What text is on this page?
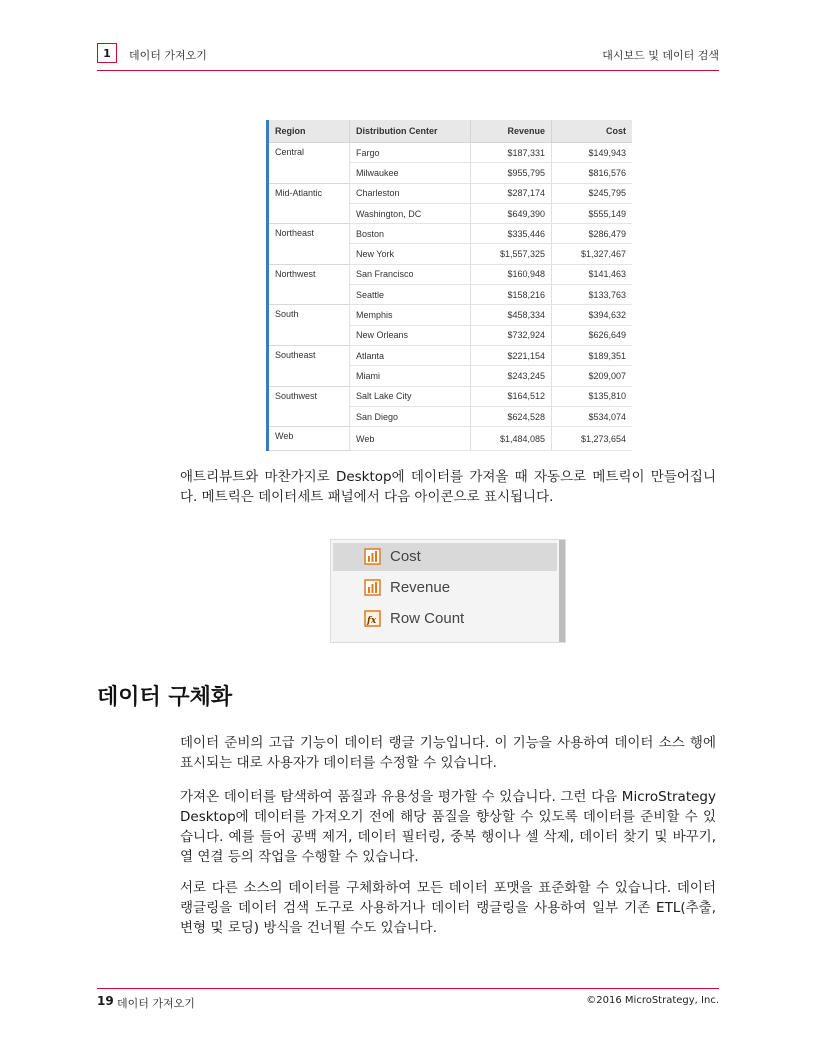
1	데이터 가져오기	대시보드 및 데이터 검색
Region	Distribution Center	Revenue	Cost
Central	Fargo	$187,331	$149,943
	Milwaukee	$955,795	$816,576
Mid-Atlantic	Charleston	$287,174	$245,795
	Washington, DC	$649,390	$555,149
Northeast	Boston	$335,446	$286,479
	New York	$1,557,325	$1,327,467
Northwest	San Francisco	$160,948	$141,463
	Seattle	$158,216	$133,763
South	Memphis	$458,334	$394,632
	New Orleans	$732,924	$626,649
Southeast	Atlanta	$221,154	$189,351
	Miami	$243,245	$209,007
Southwest	Salt Lake City	$164,512	$135,810
	San Diego	$624,528	$534,074
Web	Web	$1,484,085	$1,273,654
애트리뷰트와 마찬가지로 Desktop에 데이터를 가져올 때 자동으로 메트릭이 만들어집니다. 메트릭은 데이터세트 패널에서 다음 아이콘으로 표시됩니다.
Cost
Revenue
fx Row Count
데이터 구체화
데이터 준비의 고급 기능이 데이터 랭글 기능입니다. 이 기능을 사용하여 데이터 소스 행에 표시되는 대로 사용자가 데이터를 수정할 수 있습니다.
가져온 데이터를 탐색하여 품질과 유용성을 평가할 수 있습니다. 그런 다음 MicroStrategy Desktop에 데이터를 가져오기 전에 해당 품질을 향상할 수 있도록 데이터를 준비할 수 있습니다. 예를 들어 공백 제거, 데이터 필터링, 중복 행이나 셀 삭제, 데이터 찾기 및 바꾸기, 열 연결 등의 작업을 수행할 수 있습니다.
서로 다른 소스의 데이터를 구체화하여 모든 데이터 포맷을 표준화할 수 있습니다. 데이터 랭글링을 데이터 검색 도구로 사용하거나 데이터 랭글링을 사용하여 일부 기존 ETL(추출, 변형 및 로딩) 방식을 건너뛸 수도 있습니다.
19 데이터 가져오기	©2016 MicroStrategy, Inc.
